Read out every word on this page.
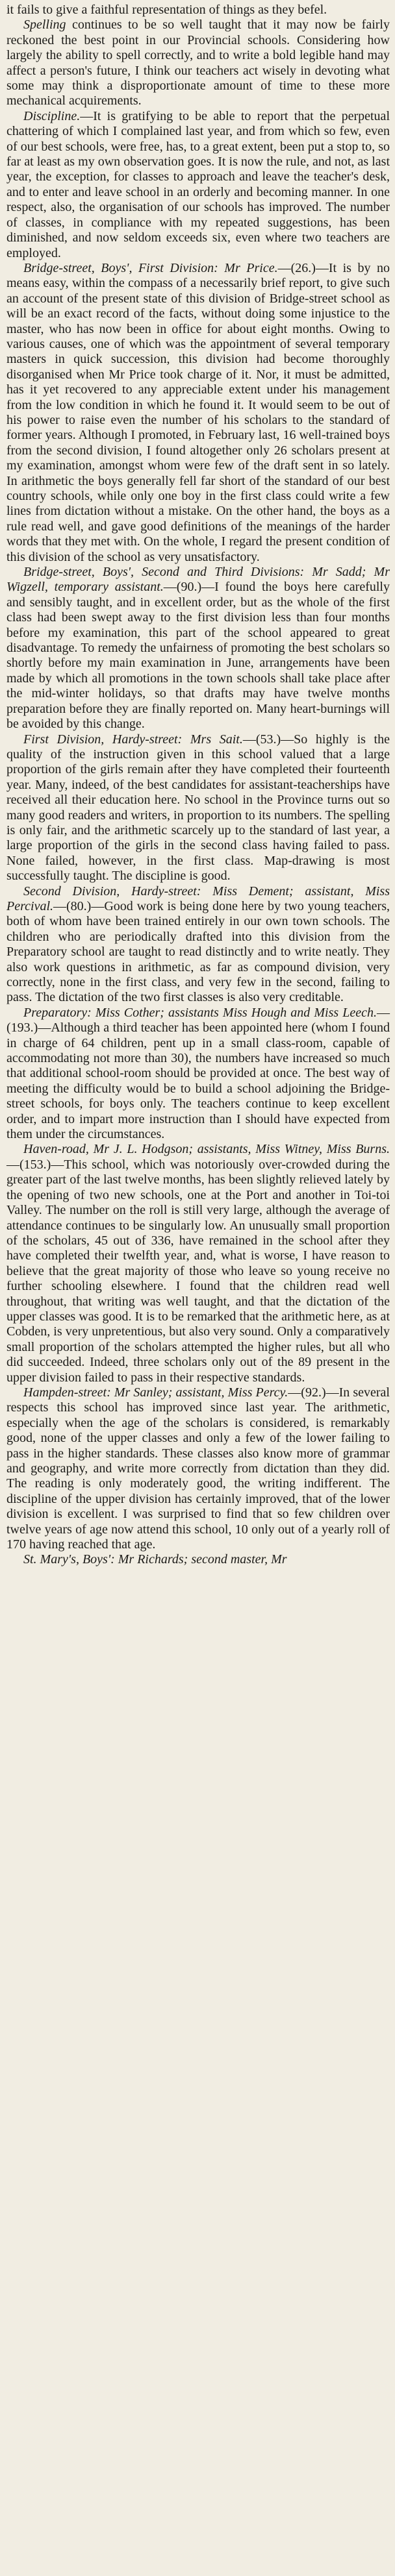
it fails to give a faithful representation of things as they befel.

Spelling continues to be so well taught that it may now be fairly reckoned the best point in our Provincial schools. Considering how largely the ability to spell correctly, and to write a bold legible hand may affect a person's future, I think our teachers act wisely in devoting what some may think a disproportionate amount of time to these more mechanical acquirements.

Discipline.—It is gratifying to be able to report that the perpetual chattering of which I complained last year, and from which so few, even of our best schools, were free, has, to a great extent, been put a stop to, so far at least as my own observation goes. It is now the rule, and not, as last year, the exception, for classes to approach and leave the teacher's desk, and to enter and leave school in an orderly and becoming manner. In one respect, also, the organisation of our schools has improved. The number of classes, in compliance with my repeated suggestions, has been diminished, and now seldom exceeds six, even where two teachers are employed.

Bridge-street, Boys', First Division: Mr Price.—(26.)—It is by no means easy, within the compass of a necessarily brief report, to give such an account of the present state of this division of Bridge-street school as will be an exact record of the facts, without doing some injustice to the master, who has now been in office for about eight months. Owing to various causes, one of which was the appointment of several temporary masters in quick succession, this division had become thoroughly disorganised when Mr Price took charge of it. Nor, it must be admitted, has it yet recovered to any appreciable extent under his management from the low condition in which he found it. It would seem to be out of his power to raise even the number of his scholars to the standard of former years. Although I promoted, in February last, 16 well-trained boys from the second division, I found altogether only 26 scholars present at my examination, amongst whom were few of the draft sent in so lately. In arithmetic the boys generally fell far short of the standard of our best country schools, while only one boy in the first class could write a few lines from dictation without a mistake. On the other hand, the boys as a rule read well, and gave good definitions of the meanings of the harder words that they met with. On the whole, I regard the present condition of this division of the school as very unsatisfactory.

Bridge-street, Boys', Second and Third Divisions: Mr Sadd; Mr Wigzell, temporary assistant.—(90.)—I found the boys here carefully and sensibly taught, and in excellent order, but as the whole of the first class had been swept away to the first division less than four months before my examination, this part of the school appeared to great disadvantage. To remedy the unfairness of promoting the best scholars so shortly before my main examination in June, arrangements have been made by which all promotions in the town schools shall take place after the mid-winter holidays, so that drafts may have twelve months preparation before they are finally reported on. Many heart-burnings will be avoided by this change.

First Division, Hardy-street: Mrs Sait.—(53.)—So highly is the quality of the instruction given in this school valued that a large proportion of the girls remain after they have completed their fourteenth year. Many, indeed, of the best candidates for assistant-teacherships have received all their education here. No school in the Province turns out so many good readers and writers, in proportion to its numbers. The spelling is only fair, and the arithmetic scarcely up to the standard of last year, a large proportion of the girls in the second class having failed to pass. None failed, however, in the first class. Map-drawing is most successfully taught. The discipline is good.

Second Division, Hardy-street: Miss Dement; assistant, Miss Percival.—(80.)—Good work is being done here by two young teachers, both of whom have been trained entirely in our own town schools. The children who are periodically drafted into this division from the Preparatory school are taught to read distinctly and to write neatly. They also work questions in arithmetic, as far as compound division, very correctly, none in the first class, and very few in the second, failing to pass. The dictation of the two first classes is also very creditable.

Preparatory: Miss Cother; assistants Miss Hough and Miss Leech.—(193.)—Although a third teacher has been appointed here (whom I found in charge of 64 children, pent up in a small class-room, capable of accommodating not more than 30), the numbers have increased so much that additional school-room should be provided at once. The best way of meeting the difficulty would be to build a school adjoining the Bridge-street schools, for boys only. The teachers continue to keep excellent order, and to impart more instruction than I should have expected from them under the circumstances.

Haven-road, Mr J. L. Hodgson; assistants, Miss Witney, Miss Burns.—(153.)—This school, which was notoriously over-crowded during the greater part of the last twelve months, has been slightly relieved lately by the opening of two new schools, one at the Port and another in Toi-toi Valley. The number on the roll is still very large, although the average of attendance continues to be singularly low. An unusually small proportion of the scholars, 45 out of 336, have remained in the school after they have completed their twelfth year, and, what is worse, I have reason to believe that the great majority of those who leave so young receive no further schooling elsewhere. I found that the children read well throughout, that writing was well taught, and that the dictation of the upper classes was good. It is to be remarked that the arithmetic here, as at Cobden, is very unpretentious, but also very sound. Only a comparatively small proportion of the scholars attempted the higher rules, but all who did succeeded. Indeed, three scholars only out of the 89 present in the upper division failed to pass in their respective standards.

Hampden-street: Mr Sanley; assistant, Miss Percy.—(92.)—In several respects this school has improved since last year. The arithmetic, especially when the age of the scholars is considered, is remarkably good, none of the upper classes and only a few of the lower failing to pass in the higher standards. These classes also know more of grammar and geography, and write more correctly from dictation than they did. The reading is only moderately good, the writing indifferent. The discipline of the upper division has certainly improved, that of the lower division is excellent. I was surprised to find that so few children over twelve years of age now attend this school, 10 only out of a yearly roll of 170 having reached that age.

St. Mary's, Boys': Mr Richards; second master, Mr
